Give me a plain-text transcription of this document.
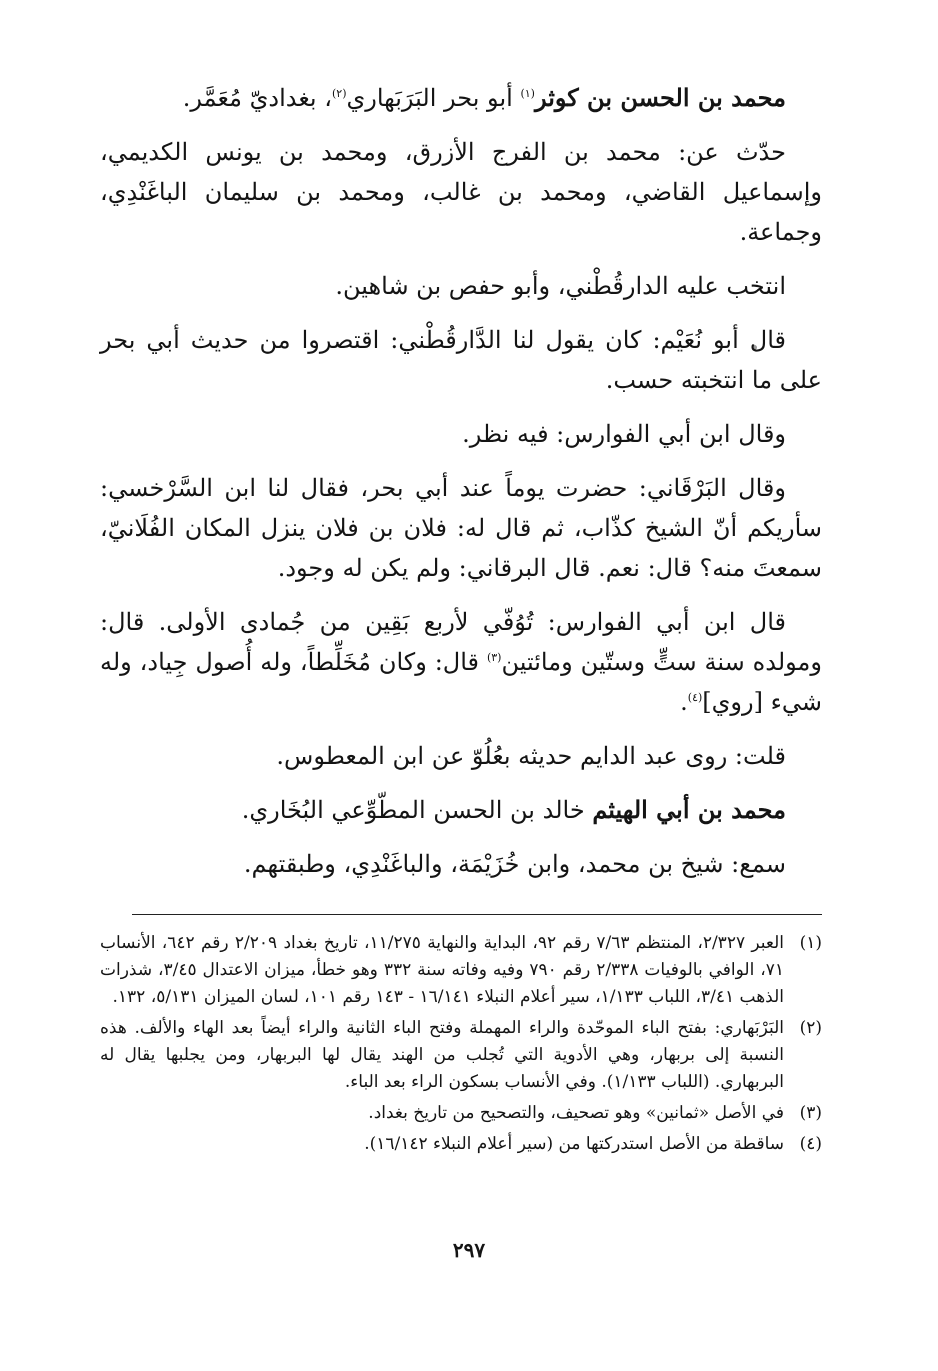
محمد بن الحسن بن كوثر$^{(١)}$ أبو بحر البَرَبَهاري$^{(٢)}$، بغداديّ مُعَمَّر.

حدّث عن: محمد بن الفرج الأزرق، ومحمد بن يونس الكديمي، وإسماعيل القاضي، ومحمد بن غالب، ومحمد بن سليمان الباغَنْدِي، وجماعة.

انتخب عليه الدارقُطْني، وأبو حفص بن شاهين.

قال أبو نُعَيْم: كان يقول لنا الدَّارقُطْني: اقتصروا من حديث أبي بحر على ما انتخبته حسب.

وقال ابن أبي الفوارس: فيه نظر.

وقال البَرْقَاني: حضرت يوماً عند أبي بحر، فقال لنا ابن السَّرْخسي: سأريكم أنّ الشيخ كذّاب، ثم قال له: فلان بن فلان ينزل المكان الفُلَانيّ، سمعتَ منه؟ قال: نعم. قال البرقاني: ولم يكن له وجود.

قال ابن أبي الفوارس: تُوُفّي لأربع بَقِين من جُمادى الأولى. قال: ومولده سنة ستٍّ وستّين ومائتين$^{(٣)}$ قال: وكان مُخَلِّطاً، وله أُصول جِياد، وله شيء [روي]$^{(٤)}$.

قلت: روى عبد الدايم حديثه بعُلُوّ عن ابن المعطوس.

محمد بن أبي الهيثم خالد بن الحسن المطّوِّعي البُخَاري.

سمع: شيخ بن محمد، وابن خُزَيْمَة، والباغَنْدِي، وطبقتهم.

(١)
العبر ٢/٣٢٧، المنتظم ٧/٦٣ رقم ٩٢، البداية والنهاية ١١/٢٧٥، تاريخ بغداد ٢/٢٠٩ رقم ٦٤٢، الأنساب ٧١، الوافي بالوفيات ٢/٣٣٨ رقم ٧٩٠ وفيه وفاته سنة ٣٣٢ وهو خطأ، ميزان الاعتدال ٣/٤٥، شذرات الذهب ٣/٤١، اللباب ١/١٣٣، سير أعلام النبلاء ١٦/١٤١ - ١٤٣ رقم ١٠١، لسان الميزان ٥/١٣١، ١٣٢.
(٢)
البَرْبَهاري: بفتح الباء الموحّدة والراء المهملة وفتح الباء الثانية والراء أيضاً بعد الهاء والألف. هذه النسبة إلى بربهار، وهي الأدوية التي تُجلب من الهند يقال لها البربهار، ومن يجلبها يقال له البربهاري. (اللباب ١/١٣٣). وفي الأنساب بسكون الراء بعد الباء.
(٣)
في الأصل «ثمانين» وهو تصحيف، والتصحيح من تاريخ بغداد.
(٤)
ساقطة من الأصل استدركتها من (سير أعلام النبلاء ١٦/١٤٢).
٢٩٧
